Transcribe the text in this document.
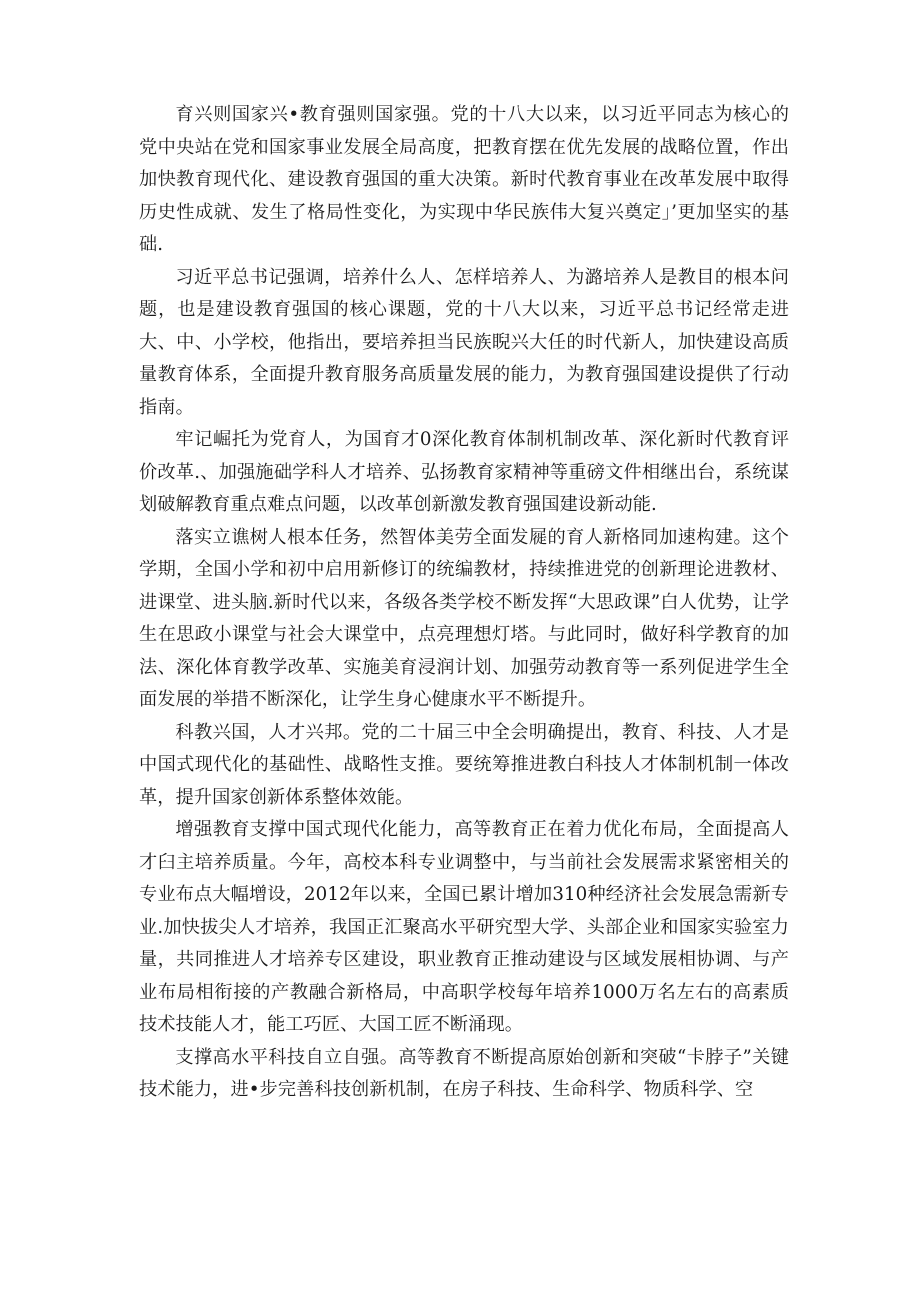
育兴则国家兴•教育强则国家强。党的十八大以来，以习近平同志为核心的党中央站在党和国家事业发展全局高度，把教育摆在优先发展的战略位置，作出加快教育现代化、建设教育强国的重大决策。新时代教育事业在改革发展中取得历史性成就、发生了格局性变化，为实现中华民族伟大复兴奠定」’更加坚实的基础.

习近平总书记强调，培养什么人、怎样培养人、为潞培养人是教目的根本问题，也是建设教育强国的核心课题，党的十八大以来，习近平总书记经常走进大、中、小学校，他指出，要培养担当民族睨兴大任的时代新人，加快建设高质量教育体系，全面提升教育服务高质量发展的能力，为教育强国建设提供了行动指南。

牢记崛托为党育人，为国育才0深化教育体制机制改革、深化新时代教育评价改革.、加强施础学科人才培养、弘扬教育家精神等重磅文件相继出台，系统谋划破解教育重点难点问题，以改革创新激发教育强国建设新动能.

落实立谯树人根本任务，然智体美劳全面发屣的育人新格同加速构建。这个学期，全国小学和初中启用新修订的统编教材，持续推进党的创新理论进教材、进课堂、进头脑.新时代以来，各级各类学校不断发挥“大思政课”白人优势，让学生在思政小课堂与社会大课堂中，点亮理想灯塔。与此同时，做好科学教育的加法、深化体育教学改革、实施美育浸润计划、加强劳动教育等一系列促进学生全面发展的举措不断深化，让学生身心健康水平不断提升。

科教兴国，人才兴邦。党的二十届三中全会明确提出，教育、科技、人才是中国式现代化的基础性、战略性支推。要统筹推进教白科技人才体制机制一体改革，提升国家创新体系整体效能。

增强教育支撑中国式现代化能力，高等教育正在着力优化布局，全面提高人才臼主培养质量。今年，高校本科专业调整中，与当前社会发展需求紧密相关的专业布点大幅增设，2012年以来，全国已累计增加310种经济社会发展急需新专业.加快拔尖人才培养，我国正汇聚高水平研究型大学、头部企业和国家实验室力量，共同推进人才培养专区建设，职业教育正推动建设与区域发展相协调、与产业布局相衔接的产教融合新格局，中高职学校每年培养1000万名左右的高素质技术技能人才，能工巧匠、大国工匠不断涌现。

支撑高水平科技自立自强。高等教育不断提高原始创新和突破“卡脖子”关键技术能力，进•步完善科技创新机制，在房子科技、生命科学、物质科学、空
